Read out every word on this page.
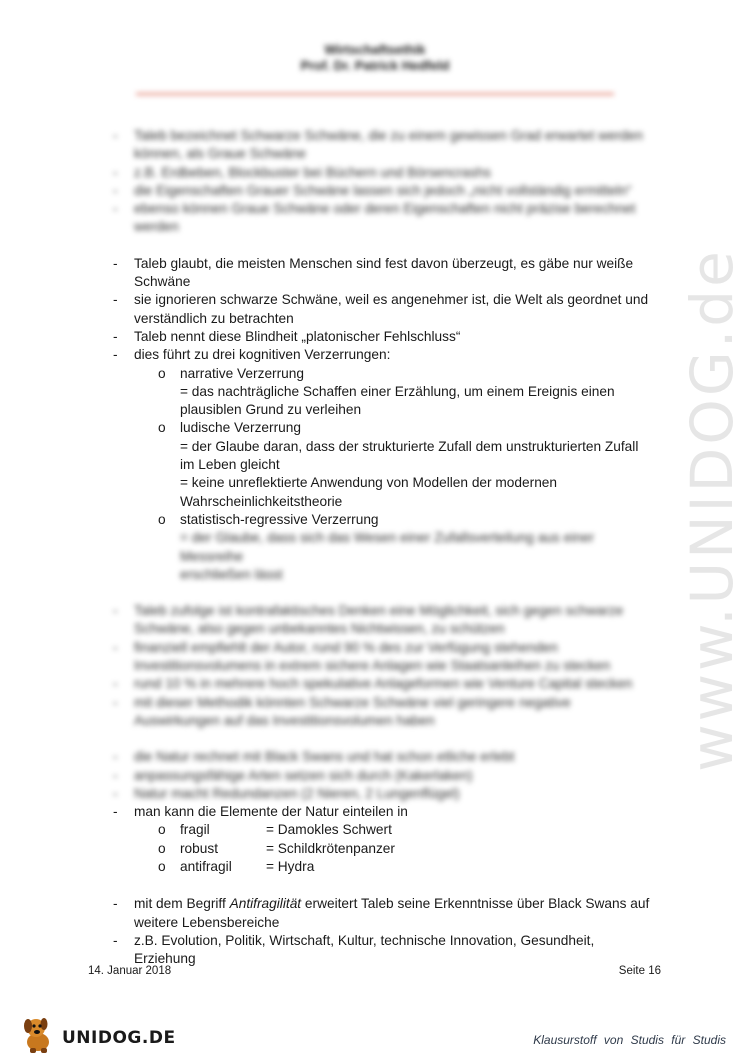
Wirtschaftsethik
Prof. Dr. Patrick Hedfeld
www.UNIDOG.de
- Taleb bezeichnet Schwarze Schwäne, die zu einem gewissen Grad erwartet werden können, als Graue Schwäne
- z.B. Erdbeben, Blockbuster bei Büchern und Börsencrashs
- die Eigenschaften Grauer Schwäne lassen sich jedoch „nicht vollständig ermitteln“
- ebenso können Graue Schwäne oder deren Eigenschaften nicht präzise berechnet werden
- Taleb glaubt, die meisten Menschen sind fest davon überzeugt, es gäbe nur weiße Schwäne
- sie ignorieren schwarze Schwäne, weil es angenehmer ist, die Welt als geordnet und verständlich zu betrachten
- Taleb nennt diese Blindheit „platonischer Fehlschluss“
- dies führt zu drei kognitiven Verzerrungen:
o narrative Verzerrung
= das nachträgliche Schaffen einer Erzählung, um einem Ereignis einen
plausiblen Grund zu verleihen
o ludische Verzerrung
= der Glaube daran, dass der strukturierte Zufall dem unstrukturierten Zufall
im Leben gleicht
= keine unreflektierte Anwendung von Modellen der modernen
Wahrscheinlichkeitstheorie
o statistisch-regressive Verzerrung
= der Glaube, dass sich das Wesen einer Zufallsverteilung aus einer Messreihe
erschließen lässt
- Taleb zufolge ist kontrafaktisches Denken eine Möglichkeit, sich gegen schwarze Schwäne, also gegen unbekanntes Nichtwissen, zu schützen
- finanziell empfiehlt der Autor, rund 90 % des zur Verfügung stehenden Investitionsvolumens in extrem sichere Anlagen wie Staatsanleihen zu stecken
- rund 10 % in mehrere hoch spekulative Anlageformen wie Venture Capital stecken
- mit dieser Methodik könnten Schwarze Schwäne viel geringere negative Auswirkungen auf das Investitionsvolumen haben
- die Natur rechnet mit Black Swans und hat schon etliche erlebt
- anpassungsfähige Arten setzen sich durch (Kakerlaken)
- Natur macht Redundanzen (2 Nieren, 2 Lungenflügel)
- man kann die Elemente der Natur einteilen in
o fragil	= Damokles Schwert
o robust	= Schildkrötenpanzer
o antifragil	= Hydra
- mit dem Begriff Antifragilität erweitert Taleb seine Erkenntnisse über Black Swans auf weitere Lebensbereiche
- z.B. Evolution, Politik, Wirtschaft, Kultur, technische Innovation, Gesundheit, Erziehung
14. Januar 2018	Seite 16
UNIDOG.DE	Klausurstoff von Studis für Studis
